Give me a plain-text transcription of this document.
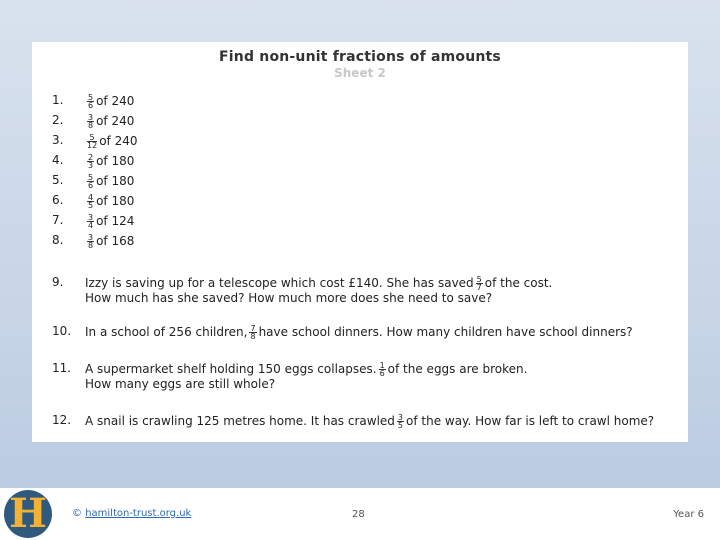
Find non-unit fractions of amounts
Sheet 2
1.	$\frac{5}{6}$ of 240
2.	$\frac{3}{8}$ of 240
3.	$\frac{5}{12}$ of 240
4.	$\frac{2}{3}$ of 180
5.	$\frac{5}{6}$ of 180
6.	$\frac{4}{5}$ of 180
7.	$\frac{3}{4}$ of 124
8.	$\frac{3}{8}$ of 168
9. Izzy is saving up for a telescope which cost £140. She has saved $\frac{5}{7}$ of the cost.
How much has she saved? How much more does she need to save?
10. In a school of 256 children, $\frac{7}{8}$ have school dinners. How many children have school dinners?
11. A supermarket shelf holding 150 eggs collapses. $\frac{1}{6}$ of the eggs are broken.
How many eggs are still whole?
12. A snail is crawling 125 metres home. It has crawled $\frac{3}{5}$ of the way. How far is left to crawl home?
H	© hamilton-trust.org.uk	28	Year 6
